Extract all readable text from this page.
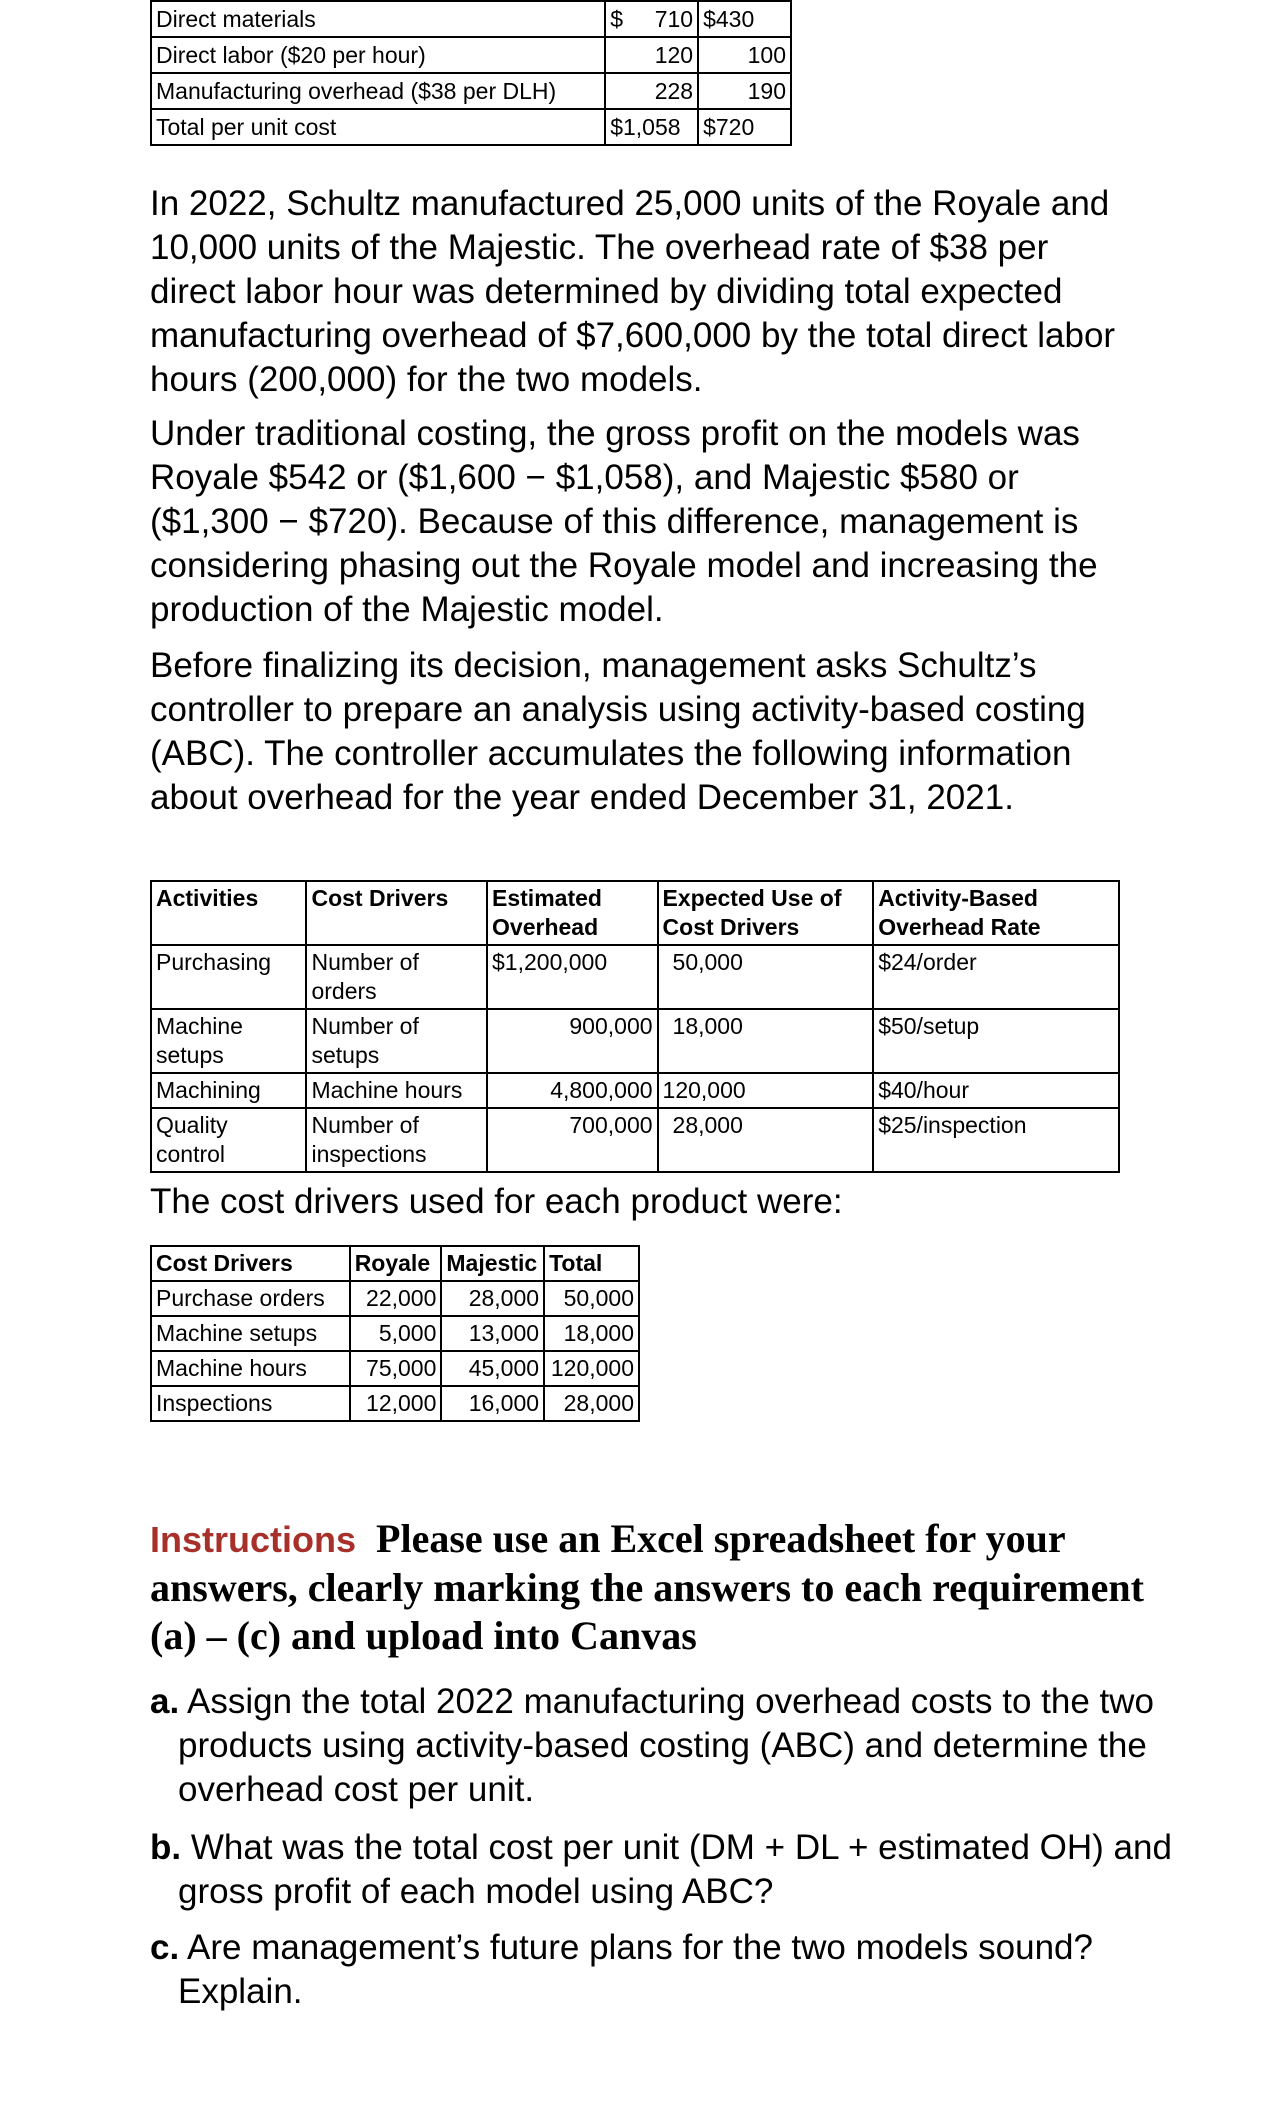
Direct materials	$ 710	$430
Direct labor ($20 per hour)	120	100
Manufacturing overhead ($38 per DLH)	228	190
Total per unit cost	$1,058	$720

In 2022, Schultz manufactured 25,000 units of the Royale and 10,000 units of the Majestic. The overhead rate of $38 per direct labor hour was determined by dividing total expected manufacturing overhead of $7,600,000 by the total direct labor hours (200,000) for the two models.

Under traditional costing, the gross profit on the models was Royale $542 or ($1,600 − $1,058), and Majestic $580 or ($1,300 − $720). Because of this difference, management is considering phasing out the Royale model and increasing the production of the Majestic model.

Before finalizing its decision, management asks Schultz’s controller to prepare an analysis using activity-based costing (ABC). The controller accumulates the following information about overhead for the year ended December 31, 2021.

Activities	Cost Drivers	Estimated Overhead	Expected Use of Cost Drivers	Activity-Based Overhead Rate
Purchasing	Number of orders	$1,200,000	50,000	$24/order
Machine setups	Number of setups	900,000	18,000	$50/setup
Machining	Machine hours	4,800,000	120,000	$40/hour
Quality control	Number of inspections	700,000	28,000	$25/inspection

The cost drivers used for each product were:

Cost Drivers	Royale	Majestic	Total
Purchase orders	22,000	28,000	50,000
Machine setups	5,000	13,000	18,000
Machine hours	75,000	45,000	120,000
Inspections	12,000	16,000	28,000

Instructions Please use an Excel spreadsheet for your answers, clearly marking the answers to each requirement (a) – (c) and upload into Canvas

a. Assign the total 2022 manufacturing overhead costs to the two products using activity-based costing (ABC) and determine the overhead cost per unit.

b. What was the total cost per unit (DM + DL + estimated OH) and gross profit of each model using ABC?

c. Are management’s future plans for the two models sound? Explain.
